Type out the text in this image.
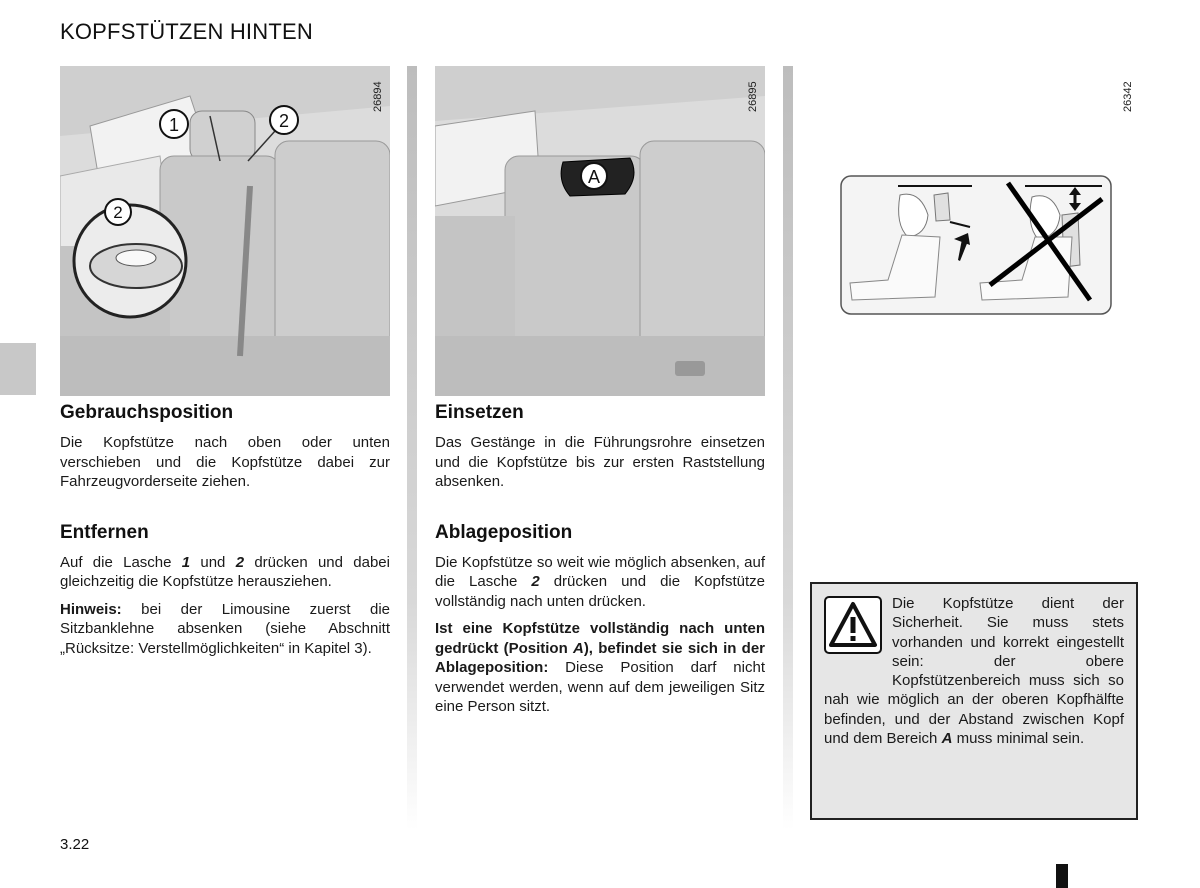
KOPFSTÜTZEN HINTEN
1	2
2
26894
A
26895	26342
Gebrauchsposition

Die Kopfstütze nach oben oder unten verschieben und die Kopfstütze dabei zur Fahrzeugvorderseite ziehen.

Entfernen

Auf die Lasche 1 und 2 drücken und dabei gleichzeitig die Kopfstütze herausziehen.

Hinweis: bei der Limousine zuerst die Sitzbanklehne absenken (siehe Abschnitt „Rücksitze: Verstellmöglichkeiten“ in Kapitel 3).

Einsetzen

Das Gestänge in die Führungsrohre einsetzen und die Kopfstütze bis zur ersten Raststellung absenken.

Ablageposition

Die Kopfstütze so weit wie möglich absenken, auf die Lasche 2 drücken und die Kopfstütze vollständig nach unten drücken.

Ist eine Kopfstütze vollständig nach unten gedrückt (Position A), befindet sie sich in der Ablageposition: Diese Position darf nicht verwendet werden, wenn auf dem jeweiligen Sitz eine Person sitzt.

Die Kopfstütze dient der Sicherheit. Sie muss stets vorhanden und korrekt eingestellt sein: der obere Kopfstützenbereich muss sich so nah wie möglich an der oberen Kopfhälfte befinden, und der Abstand zwischen Kopf und dem Bereich A muss minimal sein.
3.22
